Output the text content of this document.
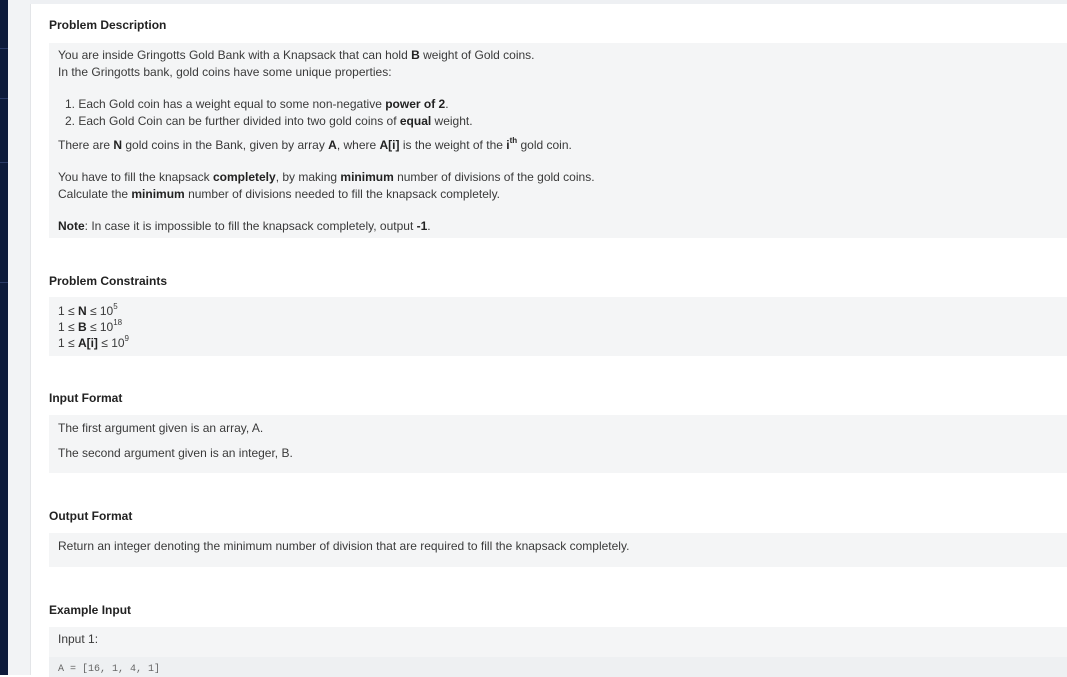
Problem Description
You are inside Gringotts Gold Bank with a Knapsack that can hold B weight of Gold coins.
In the Gringotts bank, gold coins have some unique properties:
1. Each Gold coin has a weight equal to some non-negative power of 2.
2. Each Gold Coin can be further divided into two gold coins of equal weight.
There are N gold coins in the Bank, given by array A, where A[i] is the weight of the $i^{th}$ gold coin.
You have to fill the knapsack completely, by making minimum number of divisions of the gold coins.
Calculate the minimum number of divisions needed to fill the knapsack completely.
Note: In case it is impossible to fill the knapsack completely, output -1.
Problem Constraints
$1 \le N \le 10^5$
$1 \le B \le 10^{18}$
$1 \le A[i] \le 10^9$
Input Format
The first argument given is an array, A.
The second argument given is an integer, B.
Output Format
Return an integer denoting the minimum number of division that are required to fill the knapsack completely.
Example Input
Input 1:
A = [16, 1, 4, 1]
